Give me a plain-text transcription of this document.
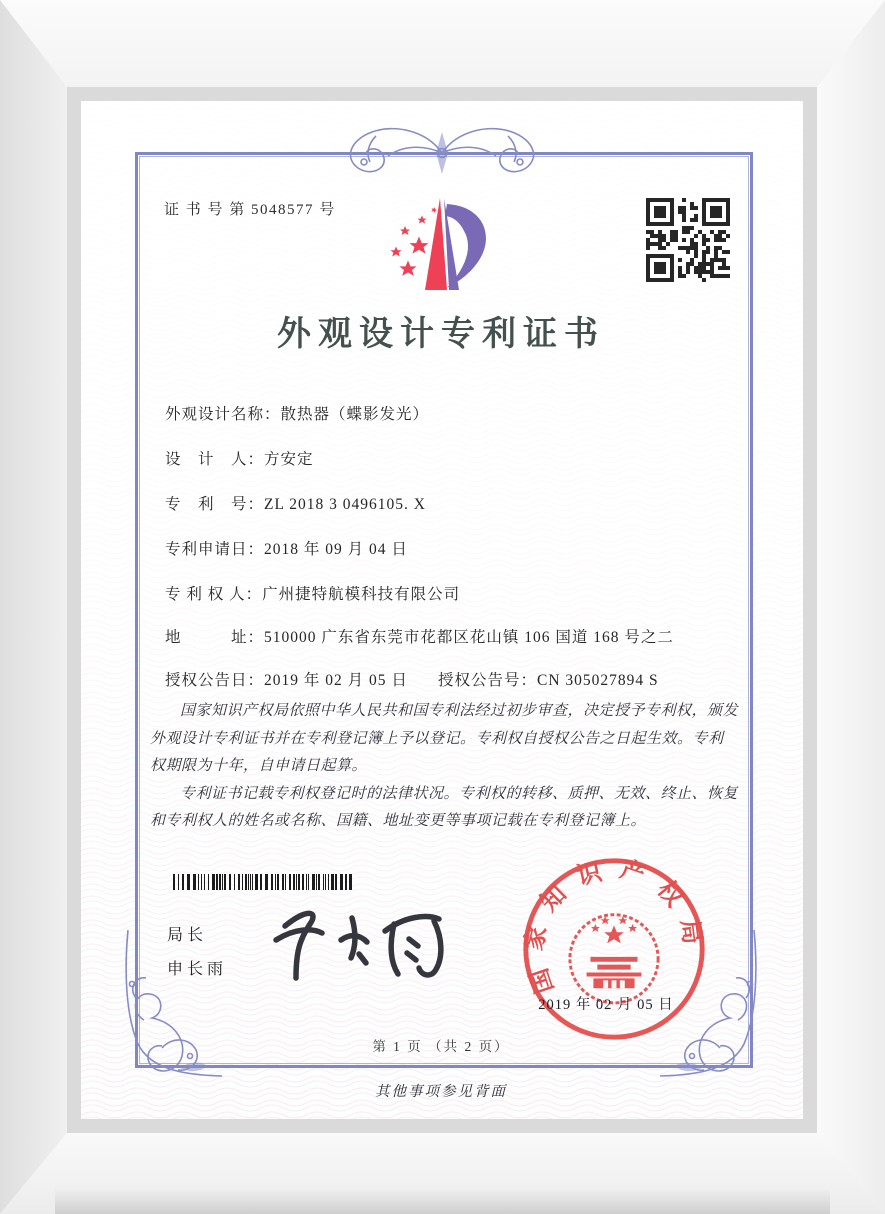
证 书 号 第 5048577 号
外观设计专利证书
外观设计名称：散热器（蝶影发光）
设　计　人：方安定
专　利　号：ZL 2018 3 0496105. X
专利申请日：2018 年 09 月 04 日
专 利 权 人：广州捷特航模科技有限公司
地　　　址：510000 广东省东莞市花都区花山镇 106 国道 168 号之二
授权公告日：2019 年 02 月 05 日 授权公告号：CN 305027894 S

国家知识产权局依照中华人民共和国专利法经过初步审查，决定授予专利权，颁发外观设计专利证书并在专利登记簿上予以登记。专利权自授权公告之日起生效。专利权期限为十年，自申请日起算。

专利证书记载专利权登记时的法律状况。专利权的转移、质押、无效、终止、恢复和专利权人的姓名或名称、国籍、地址变更等事项记载在专利登记簿上。

局长
申长雨	国家知识产权局
2019 年 02 月 05 日
第 1 页 （共 2 页）
其他事项参见背面
